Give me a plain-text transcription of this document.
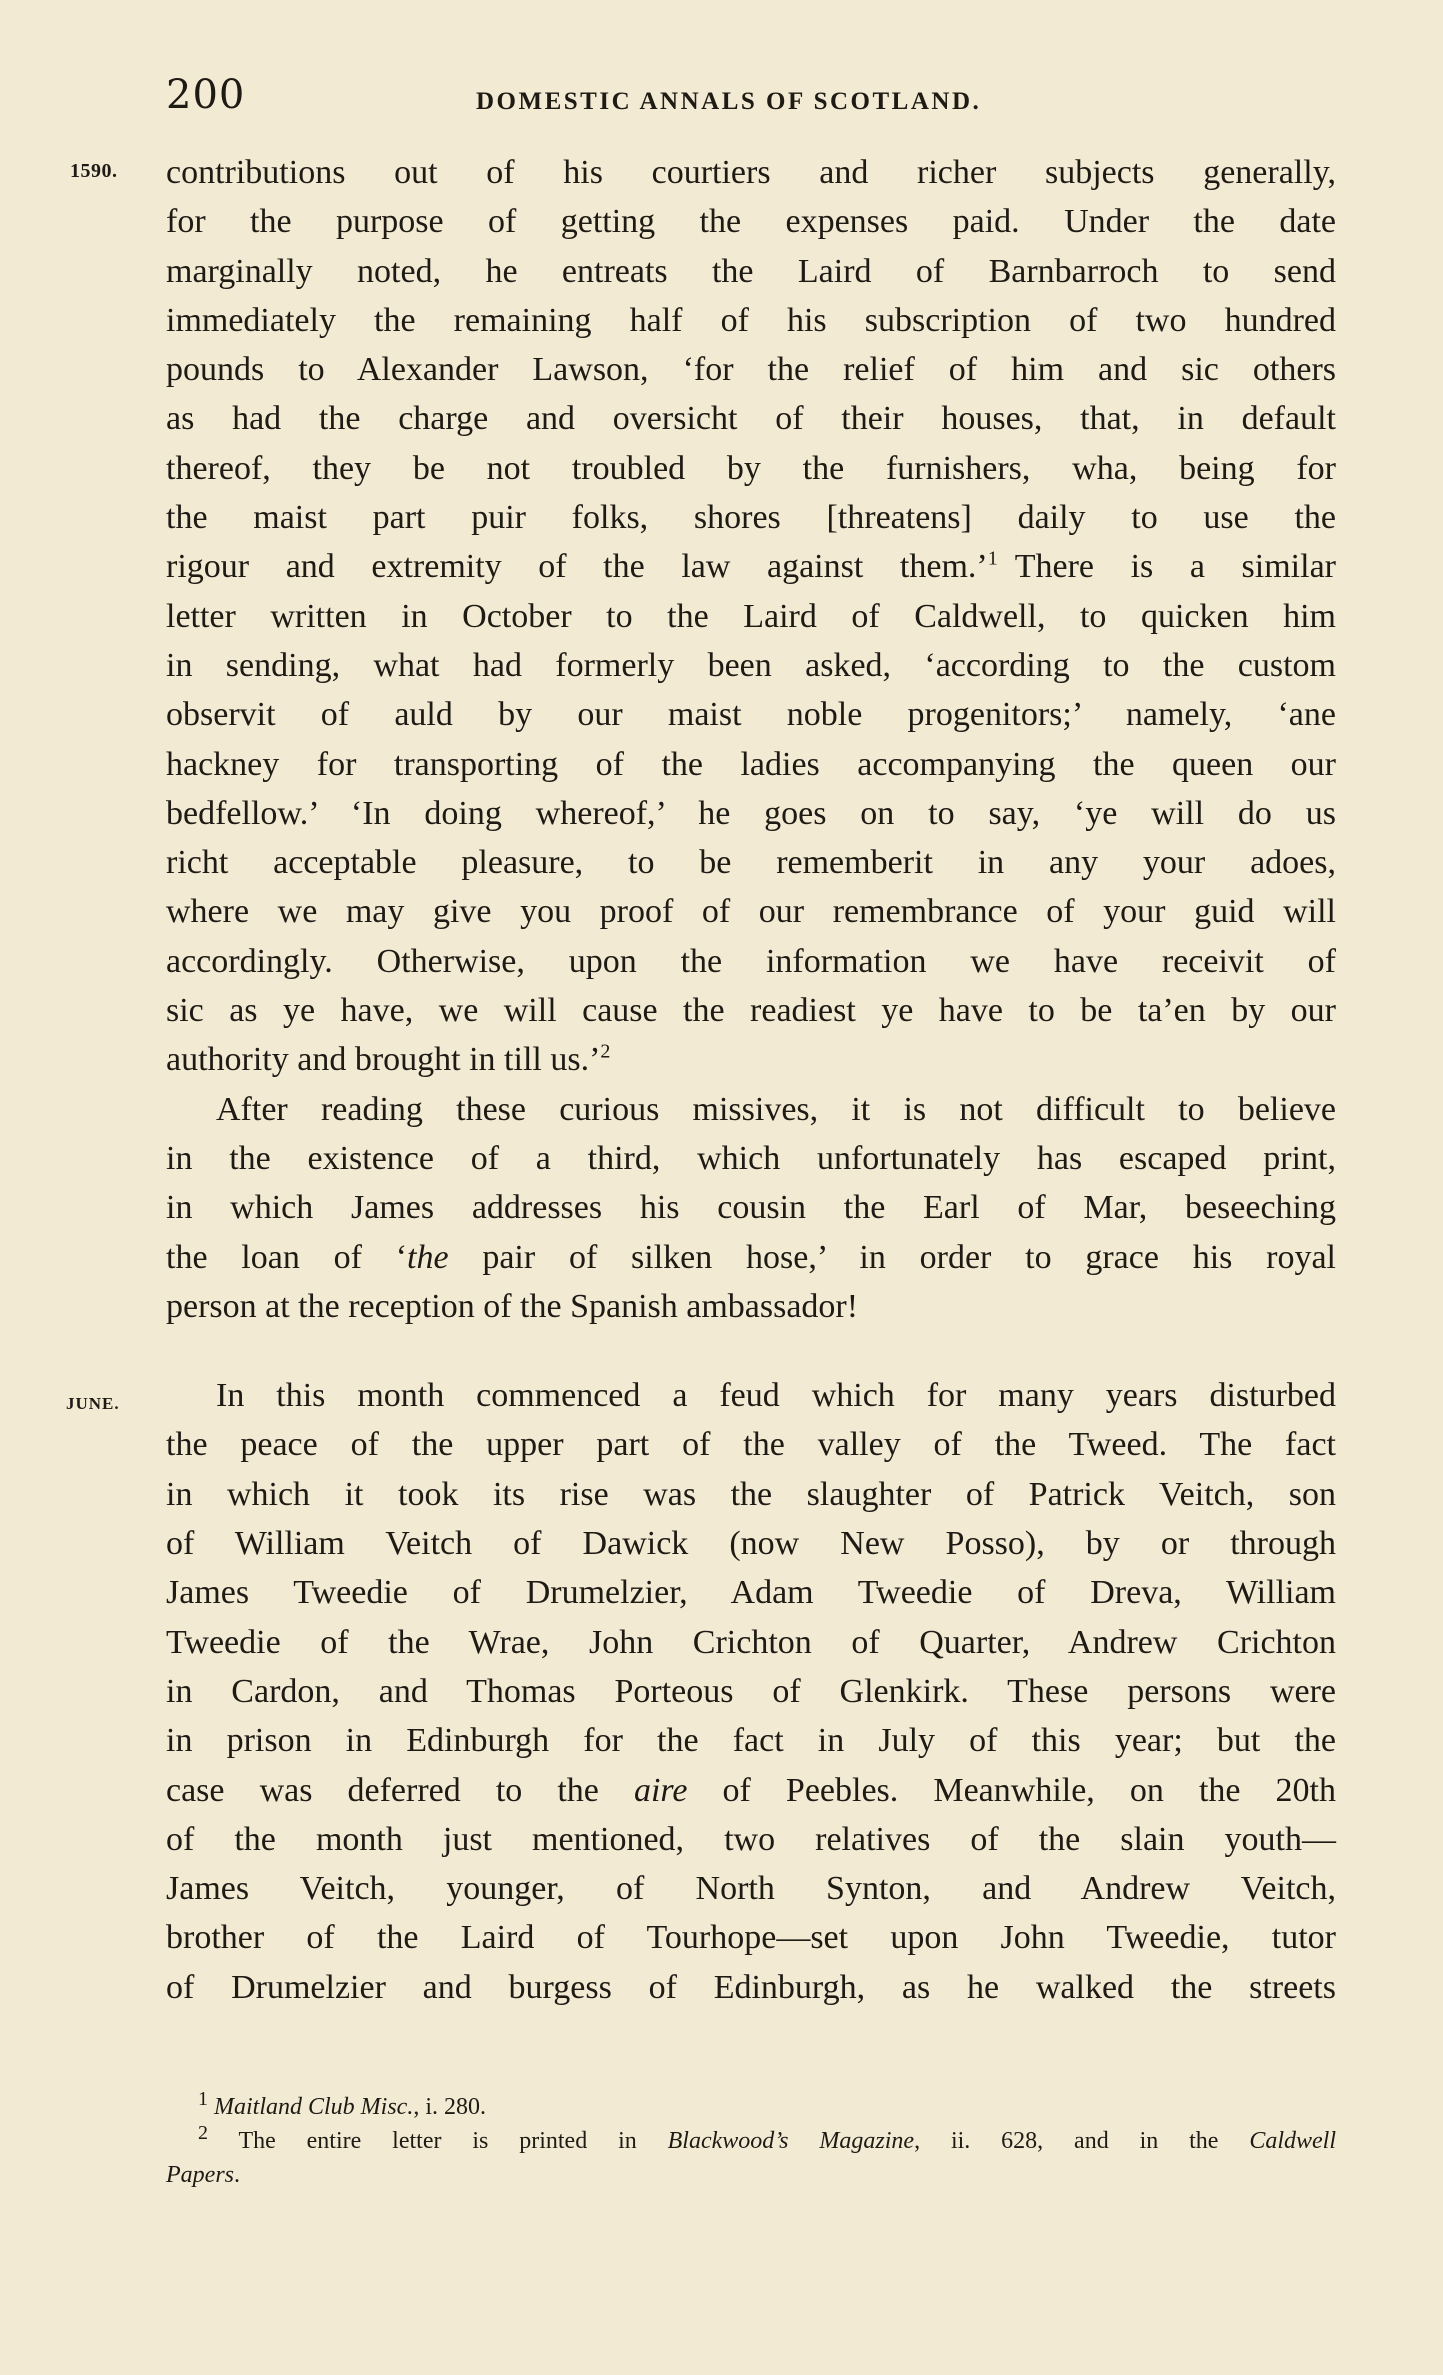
200	DOMESTIC ANNALS OF SCOTLAND.
1590.
JUNE.
contributions out of his courtiers and richer subjects generally,
for the purpose of getting the expenses paid. Under the date
marginally noted, he entreats the Laird of Barnbarroch to send
immediately the remaining half of his subscription of two hundred
pounds to Alexander Lawson, ‘for the relief of him and sic others
as had the charge and oversicht of their houses, that, in default
thereof, they be not troubled by the furnishers, wha, being for
the maist part puir folks, shores [threatens] daily to use the
rigour and extremity of the law against them.’$^1$  There is a similar
letter written in October to the Laird of Caldwell, to quicken him
in sending, what had formerly been asked, ‘according to the custom
observit of auld by our maist noble progenitors;’ namely, ‘ane
hackney for transporting of the ladies accompanying the queen our
bedfellow.’ ‘In doing whereof,’ he goes on to say, ‘ye will do us
richt acceptable pleasure, to be rememberit in any your adoes,
where we may give you proof of our remembrance of your guid will
accordingly. Otherwise, upon the information we have receivit of
sic as ye have, we will cause the readiest ye have to be ta’en by our
authority and brought in till us.’$^2$
After reading these curious missives, it is not difficult to believe
in the existence of a third, which unfortunately has escaped print,
in which James addresses his cousin the Earl of Mar, beseeching
the loan of ‘the pair of silken hose,’ in order to grace his royal
person at the reception of the Spanish ambassador!
In this month commenced a feud which for many years disturbed
the peace of the upper part of the valley of the Tweed. The fact
in which it took its rise was the slaughter of Patrick Veitch, son
of William Veitch of Dawick (now New Posso), by or through
James Tweedie of Drumelzier, Adam Tweedie of Dreva, William
Tweedie of the Wrae, John Crichton of Quarter, Andrew Crichton
in Cardon, and Thomas Porteous of Glenkirk. These persons were
in prison in Edinburgh for the fact in July of this year; but the
case was deferred to the aire of Peebles. Meanwhile, on the 20th
of the month just mentioned, two relatives of the slain youth—
James Veitch, younger, of North Synton, and Andrew Veitch,
brother of the Laird of Tourhope—set upon John Tweedie, tutor
of Drumelzier and burgess of Edinburgh, as he walked the streets
$^1$ Maitland Club Misc., i. 280.
$^2$ The entire letter is printed in Blackwood’s Magazine, ii. 628, and in the Caldwell
Papers.
